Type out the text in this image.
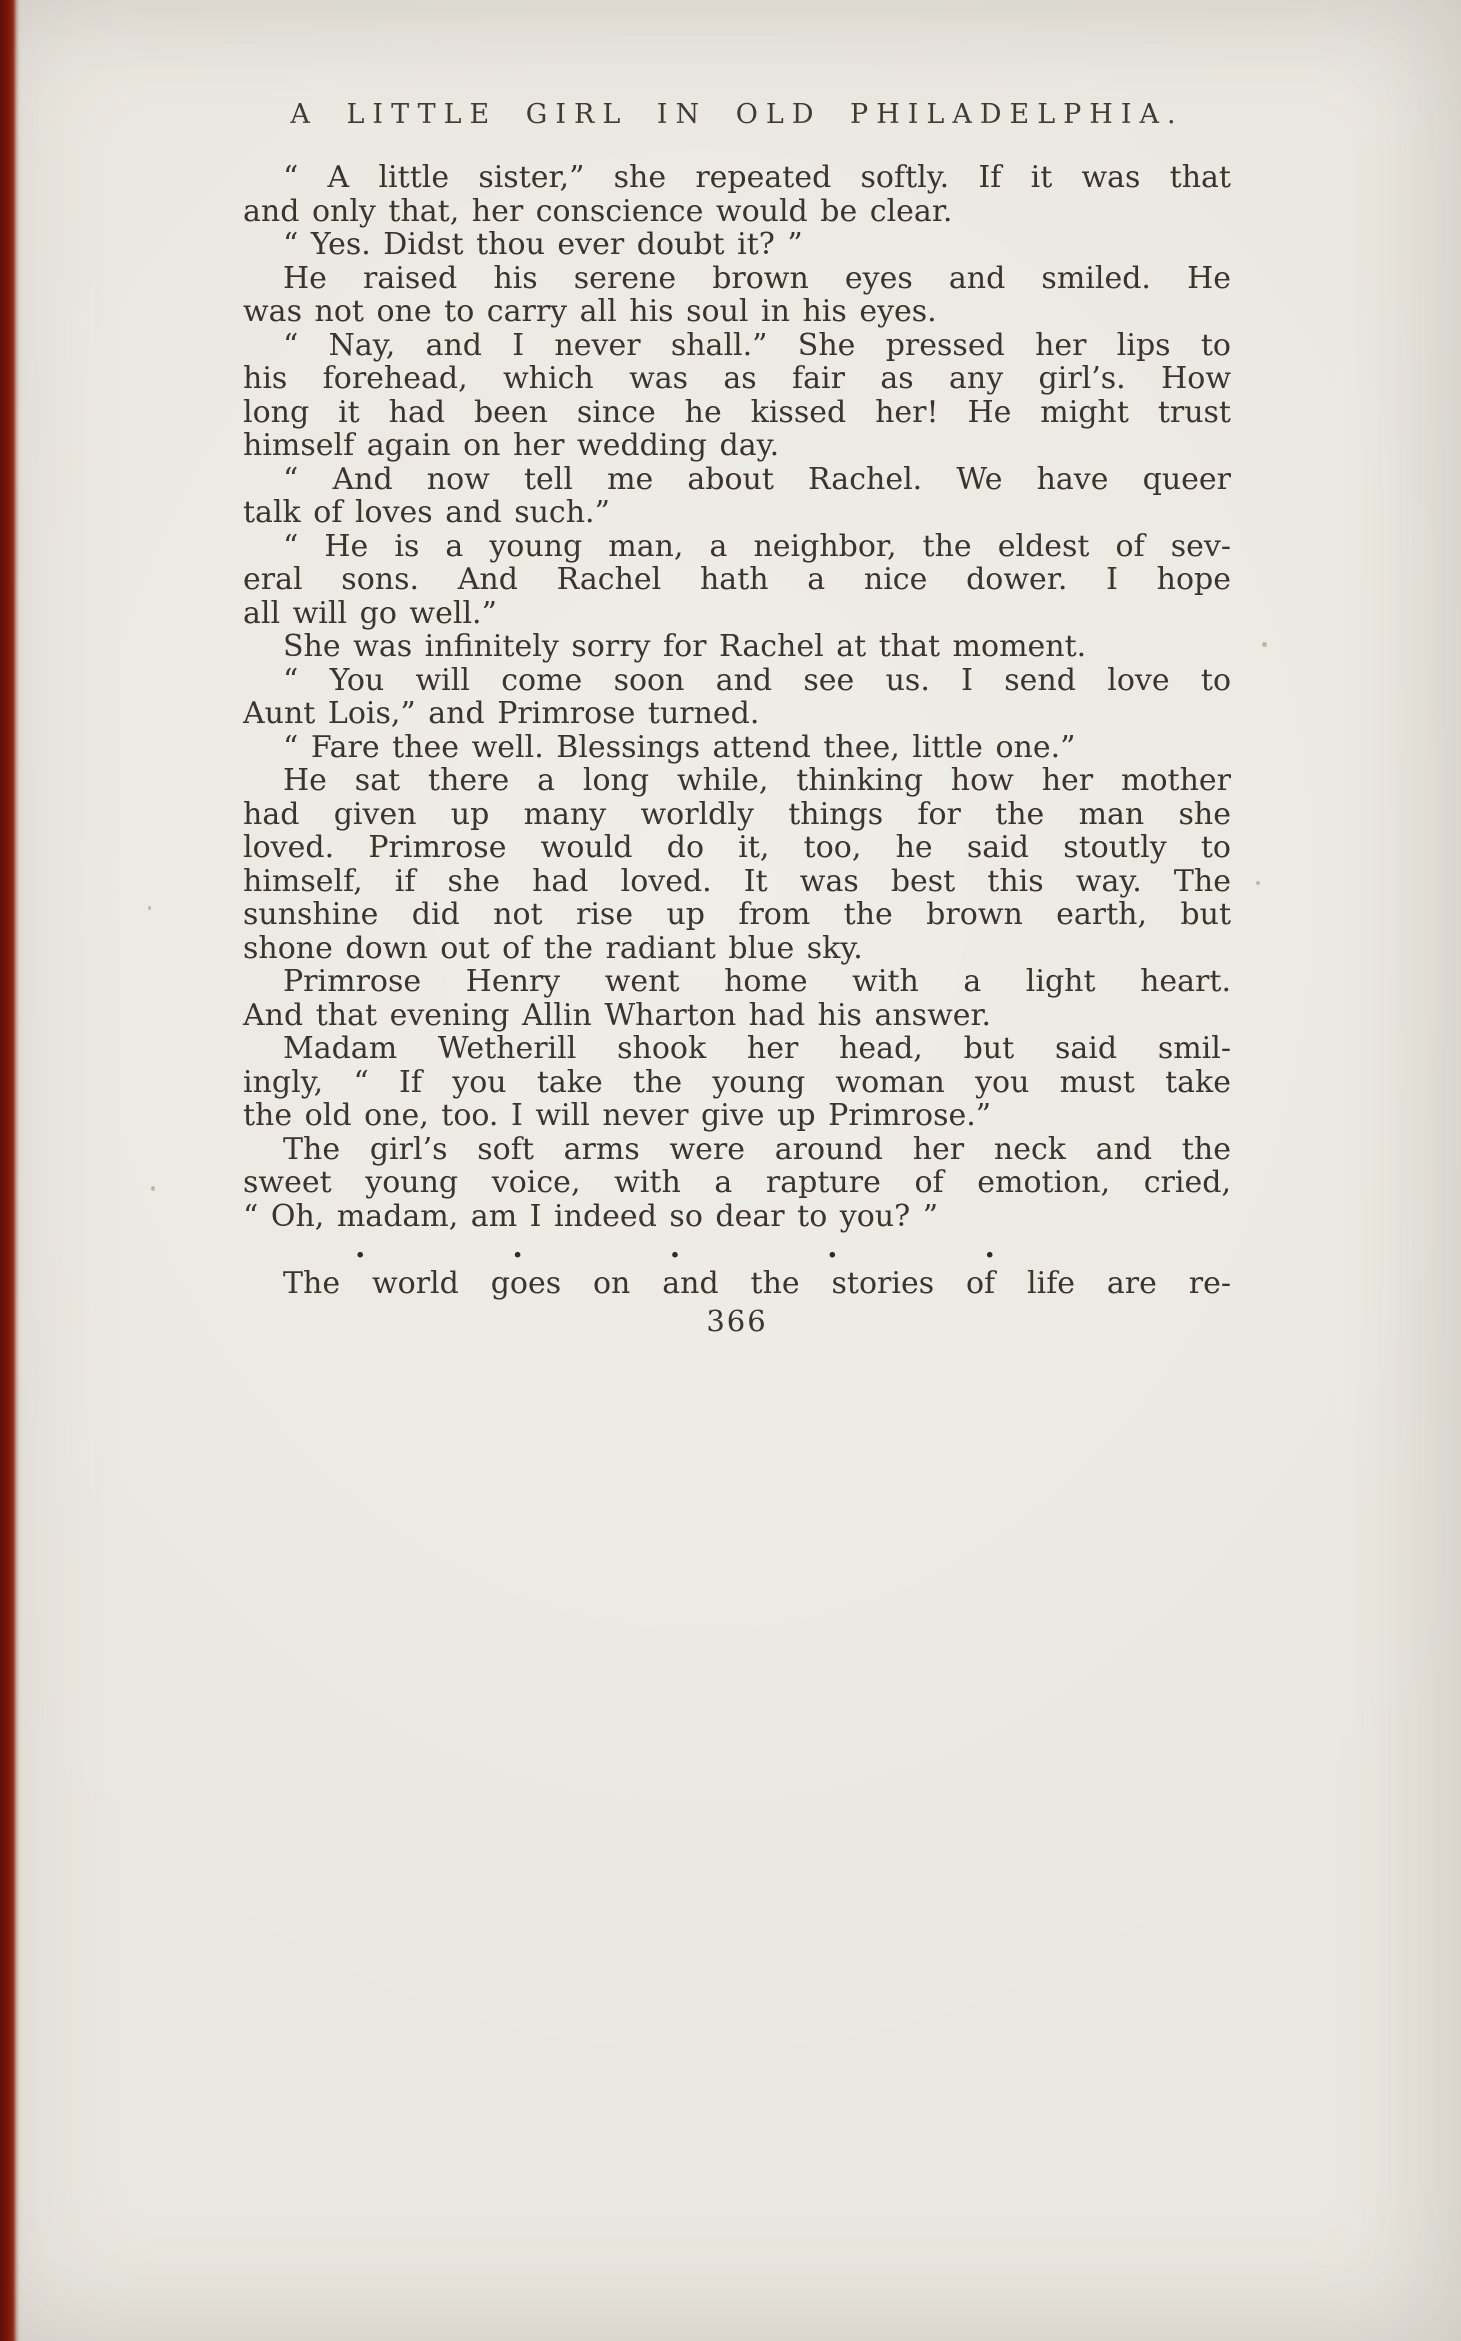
A LITTLE GIRL IN OLD PHILADELPHIA.
“ A little sister,” she repeated softly. If it was that
and only that, her conscience would be clear.
“ Yes. Didst thou ever doubt it? ”
He raised his serene brown eyes and smiled. He
was not one to carry all his soul in his eyes.
“ Nay, and I never shall.” She pressed her lips to
his forehead, which was as fair as any girl’s. How
long it had been since he kissed her! He might trust
himself again on her wedding day.
“ And now tell me about Rachel. We have queer
talk of loves and such.”
“ He is a young man, a neighbor, the eldest of sev-
eral sons. And Rachel hath a nice dower. I hope
all will go well.”
She was infinitely sorry for Rachel at that moment.
“ You will come soon and see us. I send love to
Aunt Lois,” and Primrose turned.
“ Fare thee well. Blessings attend thee, little one.”
He sat there a long while, thinking how her mother
had given up many worldly things for the man she
loved. Primrose would do it, too, he said stoutly to
himself, if she had loved. It was best this way. The
sunshine did not rise up from the brown earth, but
shone down out of the radiant blue sky.
Primrose Henry went home with a light heart.
And that evening Allin Wharton had his answer.
Madam Wetherill shook her head, but said smil-
ingly, “ If you take the young woman you must take
the old one, too. I will never give up Primrose.”
The girl’s soft arms were around her neck and the
sweet young voice, with a rapture of emotion, cried,
“ Oh, madam, am I indeed so dear to you? ”
.	.	.	.	.
The world goes on and the stories of life are re-
366
